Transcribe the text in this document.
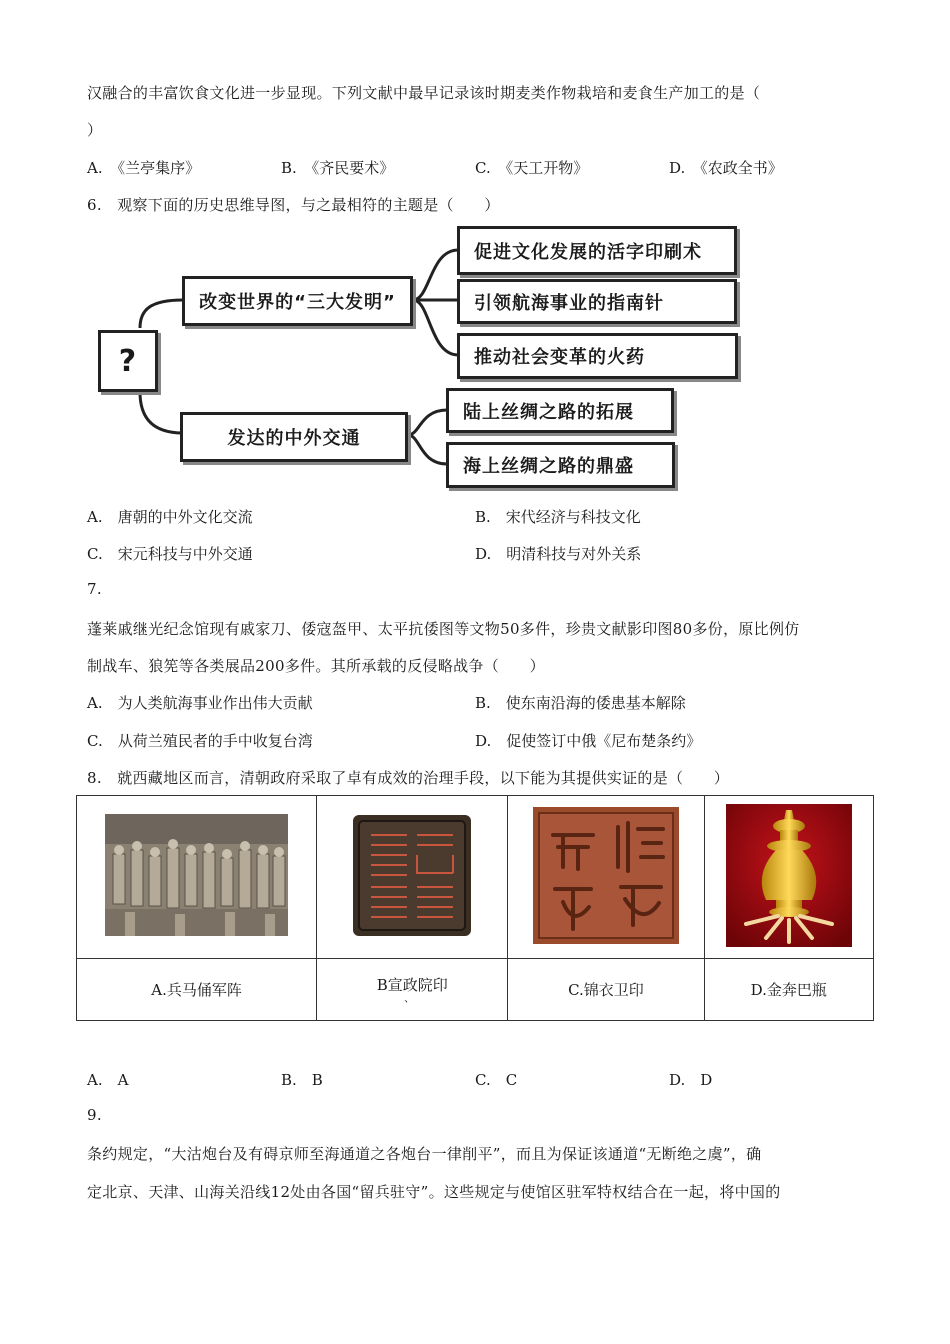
汉融合的丰富饮食文化进一步显现。下列文献中最早记录该时期麦类作物栽培和麦食生产加工的是（
）
A.　《兰亭集序》	B.　《齐民要术》	C.　《天工开物》	D.　《农政全书》
6.　观察下面的历史思维导图，与之最相符的主题是（　　）
?
改变世界的“三大发明”
发达的中外交通
促进文化发展的活字印刷术
引领航海事业的指南针
推动社会变革的火药
陆上丝绸之路的拓展
海上丝绸之路的鼎盛
A.　唐朝的中外文化交流	B.　宋代经济与科技文化
C.　宋元科技与中外交通	D.　明清科技与对外关系
7.
蓬莱戚继光纪念馆现有戚家刀、倭寇盔甲、太平抗倭图等文物50多件，珍贵文献影印图80多份，原比例仿
制战车、狼筅等各类展品200多件。其所承载的反侵略战争（　　）
A.　为人类航海事业作出伟大贡献	B.　使东南沿海的倭患基本解除
C.　从荷兰殖民者的手中收复台湾	D.　促使签订中俄《尼布楚条约》
8.　就西藏地区而言，清朝政府采取了卓有成效的治理手段，以下能为其提供实证的是（　　）

A.兵马俑军阵	B宣政院印
、	C.锦衣卫印	D.金奔巴瓶
A.　A	B.　B	C.　C	D.　D
9.
条约规定，“大沽炮台及有碍京师至海通道之各炮台一律削平”，而且为保证该通道“无断绝之虞”，确
定北京、天津、山海关沿线12处由各国“留兵驻守”。这些规定与使馆区驻军特权结合在一起，将中国的
